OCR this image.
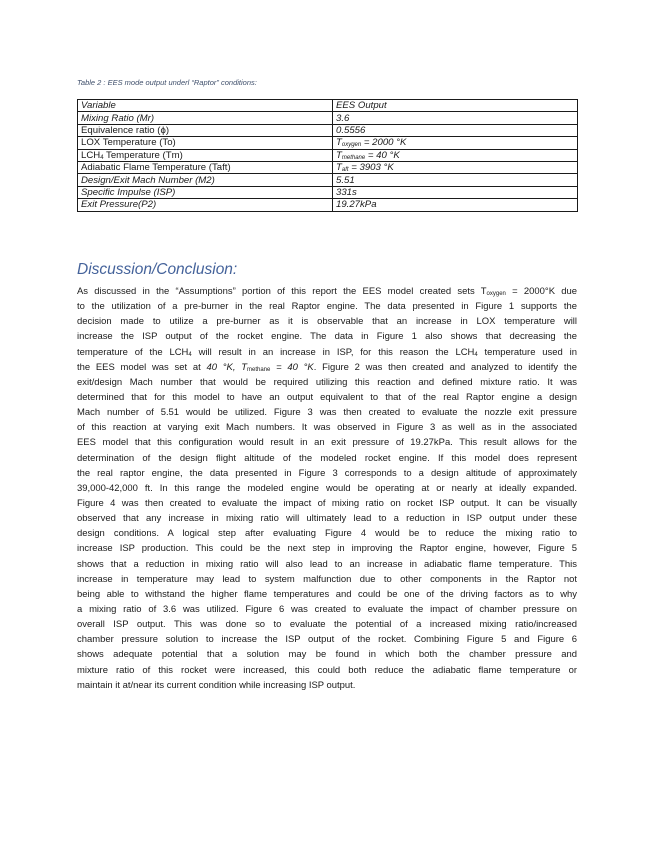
Table 2 : EES mode output underl “Raptor” conditions:
Variable	EES Output
Mixing Ratio (Mr)	3.6
Equivalence ratio (ϕ)	0.5556
LOX Temperature (To)	$T_{oxygen} = 2000$ °K
$LCH_4$ Temperature (Tm)	$T_{methane} = 40$ °K
Adiabatic Flame Temperature (Taft)	$T_{aft} = 3903$ °K
Design/Exit Mach Number (M2)	5.51
Specific Impulse (ISP)	331s
Exit Pressure(P2)	19.27kPa
Discussion/Conclusion:
As discussed in the “Assumptions” portion of this report the EES model created sets $T_{oxygen} = 2000^\circ K$ due
to the utilization of a pre-burner in the real Raptor engine. The data presented in Figure 1 supports the
decision made to utilize a pre-burner as it is observable that an increase in LOX temperature will
increase the ISP output of the rocket engine. The data in Figure 1 also shows that decreasing the
temperature of the $LCH_4$ will result in an increase in ISP, for this reason the $LCH_4$ temperature used in
the EES model was set at 40 °K, $T_{methane} = 40$ °K. Figure 2 was then created and analyzed to identify the
exit/design Mach number that would be required utilizing this reaction and defined mixture ratio. It was
determined that for this model to have an output equivalent to that of the real Raptor engine a design
Mach number of 5.51 would be utilized. Figure 3 was then created to evaluate the nozzle exit pressure
of this reaction at varying exit Mach numbers. It was observed in Figure 3 as well as in the associated
EES model that this configuration would result in an exit pressure of 19.27kPa. This result allows for the
determination of the design flight altitude of the modeled rocket engine. If this model does represent
the real raptor engine, the data presented in Figure 3 corresponds to a design altitude of approximately
39,000-42,000 ft. In this range the modeled engine would be operating at or nearly at ideally expanded.
Figure 4 was then created to evaluate the impact of mixing ratio on rocket ISP output. It can be visually
observed that any increase in mixing ratio will ultimately lead to a reduction in ISP output under these
design conditions. A logical step after evaluating Figure 4 would be to reduce the mixing ratio to
increase ISP production. This could be the next step in improving the Raptor engine, however, Figure 5
shows that a reduction in mixing ratio will also lead to an increase in adiabatic flame temperature. This
increase in temperature may lead to system malfunction due to other components in the Raptor not
being able to withstand the higher flame temperatures and could be one of the driving factors as to why
a mixing ratio of 3.6 was utilized. Figure 6 was created to evaluate the impact of chamber pressure on
overall ISP output. This was done so to evaluate the potential of a increased mixing ratio/increased
chamber pressure solution to increase the ISP output of the rocket. Combining Figure 5 and Figure 6
shows adequate potential that a solution may be found in which both the chamber pressure and
mixture ratio of this rocket were increased, this could both reduce the adiabatic flame temperature or
maintain it at/near its current condition while increasing ISP output.
